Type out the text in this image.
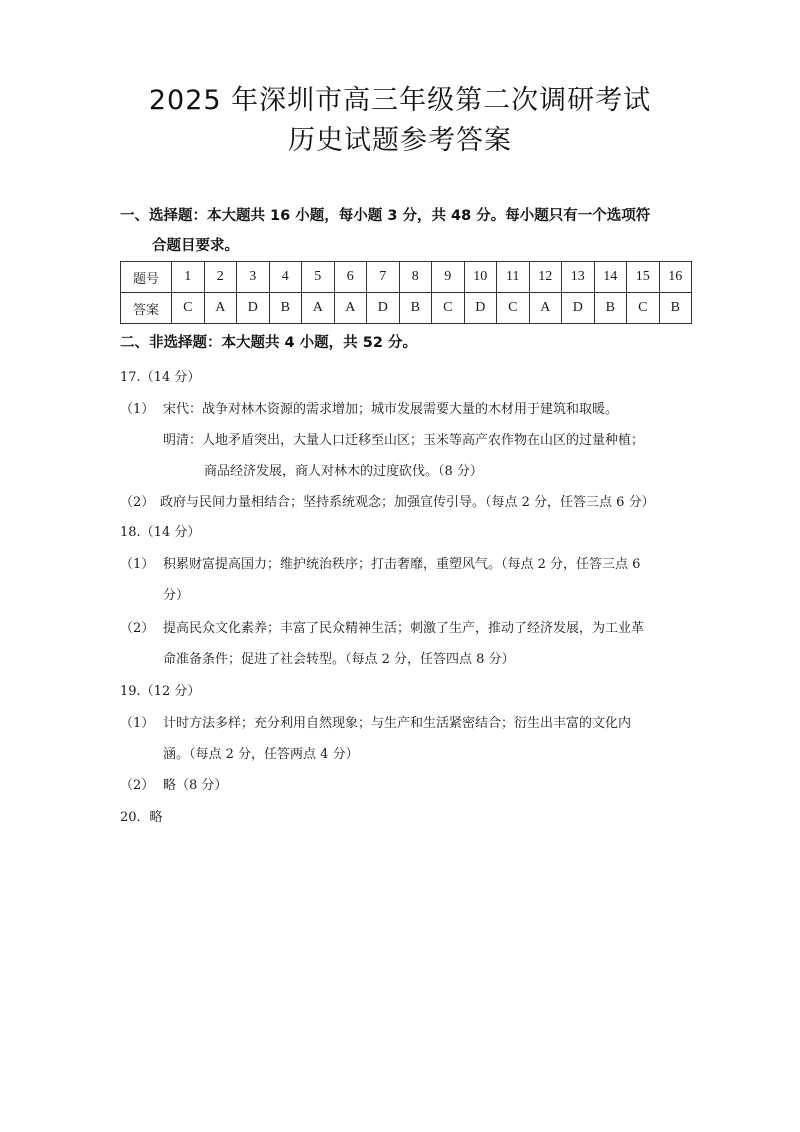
2025 年深圳市高三年级第二次调研考试
历史试题参考答案
一、选择题：本大题共 16 小题，每小题 3 分，共 48 分。每小题只有一个选项符
合题目要求。
题号	1	2	3	4	5	6	7	8	9	10	11	12	13	14	15	16
答案	C	A	D	B	A	A	D	B	C	D	C	A	D	B	C	B
二、非选择题：本大题共 4 小题，共 52 分。
17.（14 分）
（1） 宋代：战争对林木资源的需求增加；城市发展需要大量的木材用于建筑和取暖。
明清：人地矛盾突出，大量人口迁移至山区；玉米等高产农作物在山区的过量种植；
商品经济发展，商人对林木的过度砍伐。（8 分）
（2） 政府与民间力量相结合；坚持系统观念；加强宣传引导。（每点 2 分，任答三点 6 分）
18.（14 分）
（1） 积累财富提高国力；维护统治秩序；打击奢靡，重塑风气。（每点 2 分，任答三点 6
分）
（2） 提高民众文化素养；丰富了民众精神生活；刺激了生产，推动了经济发展，为工业革
命准备条件；促进了社会转型。（每点 2 分，任答四点 8 分）
19.（12 分）
（1） 计时方法多样；充分利用自然现象；与生产和生活紧密结合；衍生出丰富的文化内
涵。（每点 2 分，任答两点 4 分）
（2） 略（8 分）
20．略
